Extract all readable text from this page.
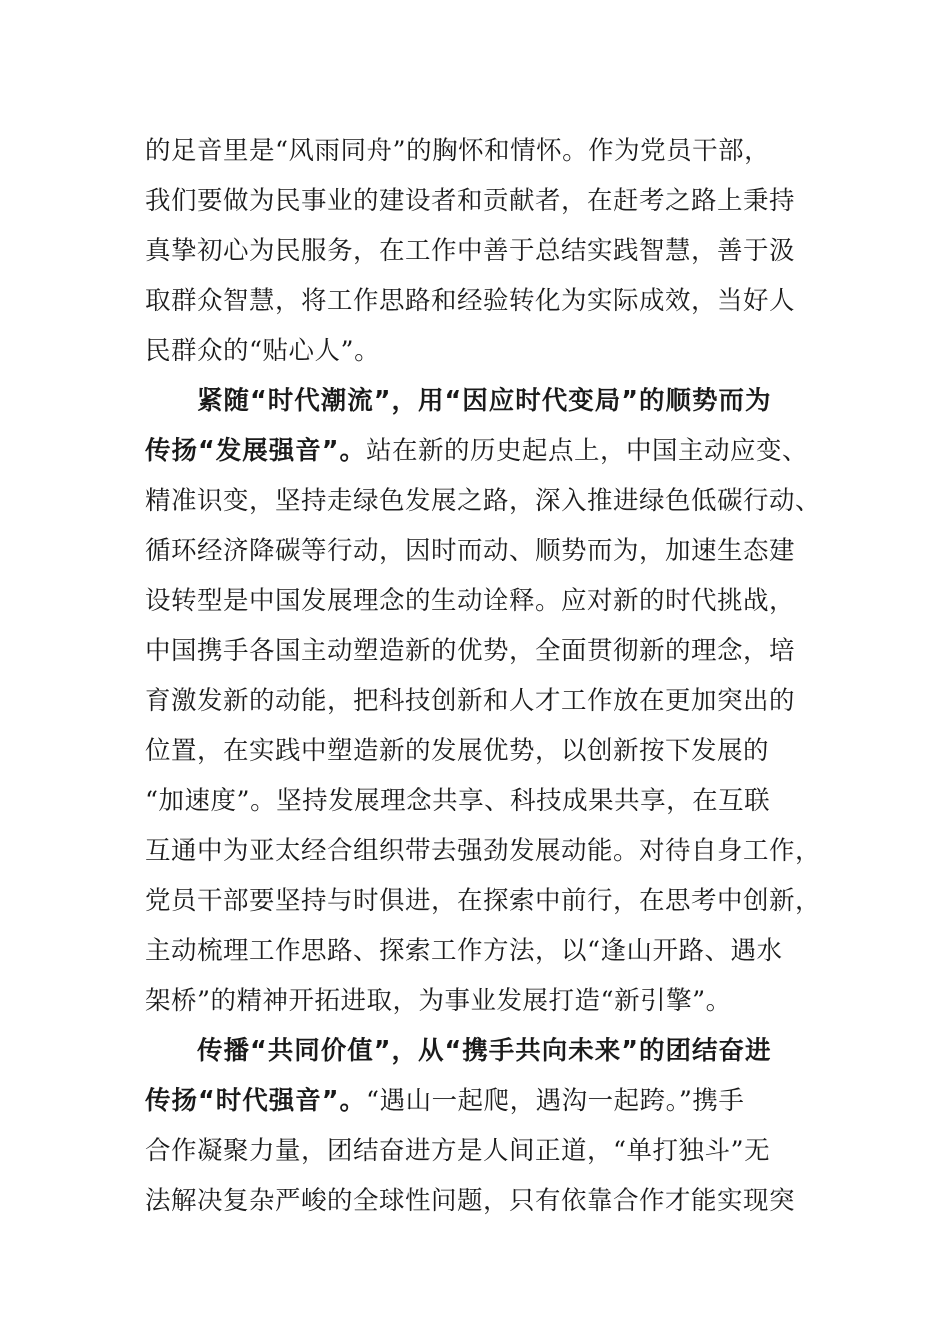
的足音里是“风雨同舟”的胸怀和情怀。作为党员干部，
我们要做为民事业的建设者和贡献者，在赶考之路上秉持
真挚初心为民服务，在工作中善于总结实践智慧，善于汲
取群众智慧，将工作思路和经验转化为实际成效，当好人
民群众的“贴心人”。
紧随“时代潮流”，用“因应时代变局”的顺势而为
传扬“发展强音”。站在新的历史起点上，中国主动应变、
精准识变，坚持走绿色发展之路，深入推进绿色低碳行动、
循环经济降碳等行动，因时而动、顺势而为，加速生态建
设转型是中国发展理念的生动诠释。应对新的时代挑战，
中国携手各国主动塑造新的优势，全面贯彻新的理念，培
育激发新的动能，把科技创新和人才工作放在更加突出的
位置，在实践中塑造新的发展优势，以创新按下发展的
“加速度”。坚持发展理念共享、科技成果共享，在互联
互通中为亚太经合组织带去强劲发展动能。对待自身工作，
党员干部要坚持与时俱进，在探索中前行，在思考中创新，
主动梳理工作思路、探索工作方法，以“逢山开路、遇水
架桥”的精神开拓进取，为事业发展打造“新引擎”。
传播“共同价值”，从“携手共向未来”的团结奋进
传扬“时代强音”。“遇山一起爬，遇沟一起跨。”携手
合作凝聚力量，团结奋进方是人间正道，“单打独斗”无
法解决复杂严峻的全球性问题，只有依靠合作才能实现突
